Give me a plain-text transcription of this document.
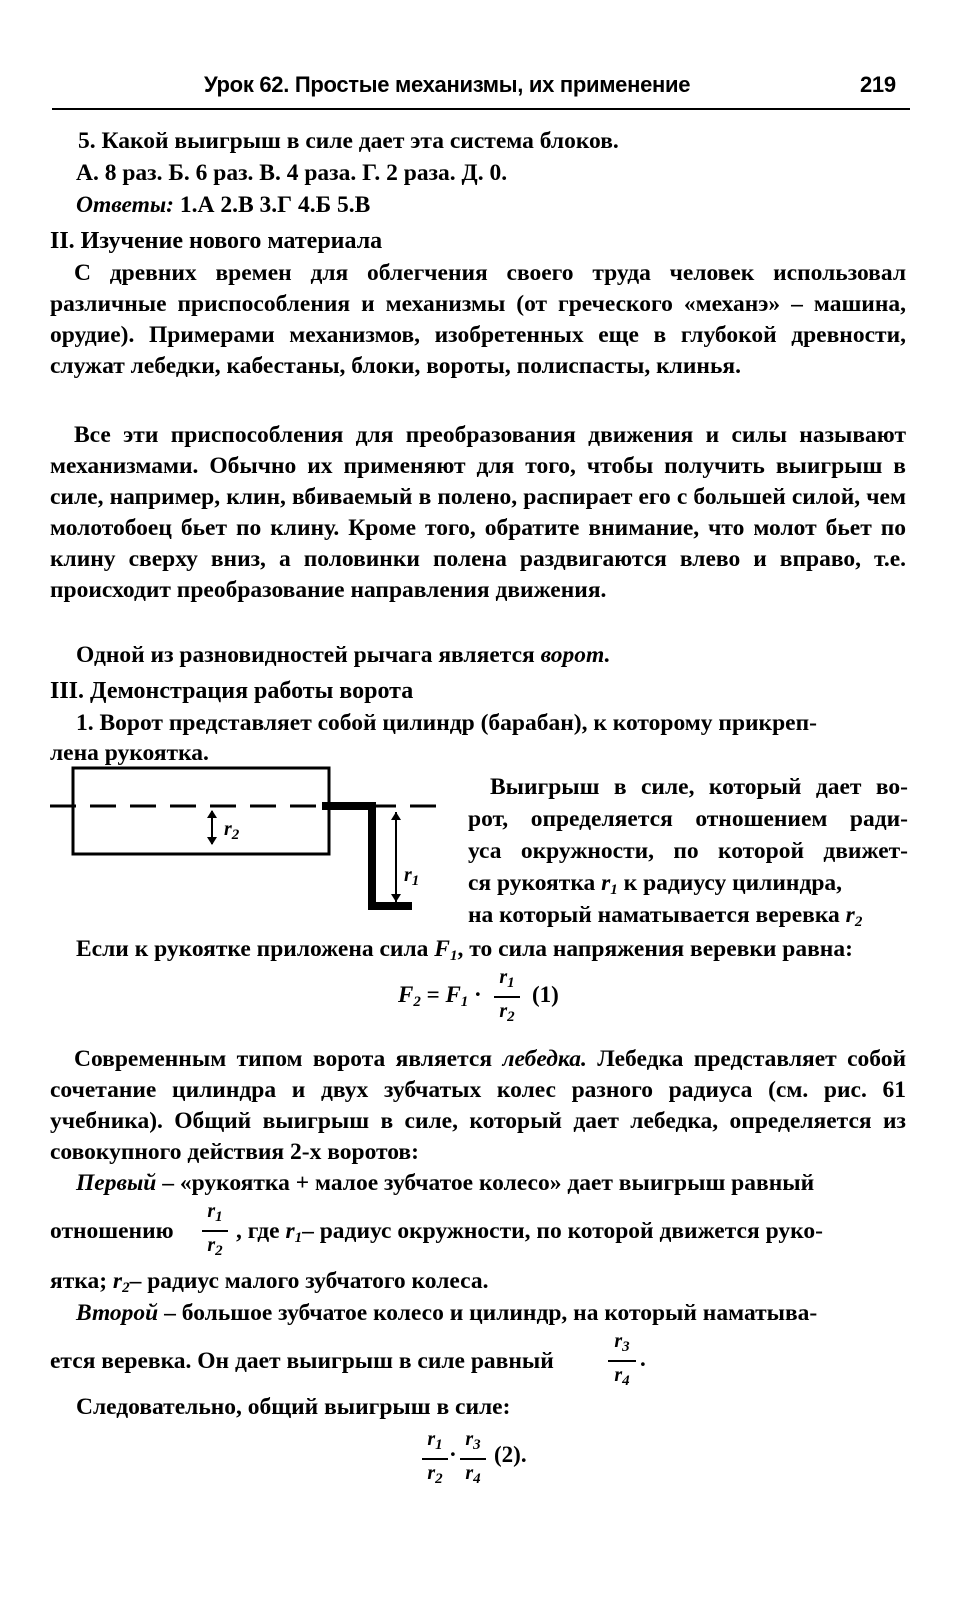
Урок 62. Простые механизмы, их применение	219
5. Какой выигрыш в силе дает эта система блоков.
А. 8 раз. Б. 6 раз. В. 4 раза. Г. 2 раза. Д. 0.
Ответы: 1.А 2.В 3.Г 4.Б 5.В
II. Изучение нового материала
С древних времен для облегчения своего труда человек использовал различные приспособления и механизмы (от греческого «механэ» – машина, орудие). Примерами механизмов, изобретенных еще в глубокой древности, служат лебедки, кабестаны, блоки, вороты, полиспасты, клинья.
Все эти приспособления для преобразования движения и силы называют механизмами. Обычно их применяют для того, чтобы получить выигрыш в силе, например, клин, вбиваемый в полено, распирает его с большей силой, чем молотобоец бьет по клину. Кроме того, обратите внимание, что молот бьет по клину сверху вниз, а половинки полена раздвигаются влево и вправо, т.е. происходит преобразование направления движения.
Одной из разновидностей рычага является ворот.
III. Демонстрация работы ворота
1. Ворот представляет собой цилиндр (барабан), к которому прикреп-
лена рукоятка.
$r_2$
$r_1$
Выигрыш в силе, который дает во-
рот, определяется отношением ради-
уса окружности, по которой движет-
ся рукоятка $r_1$ к радиусу цилиндра,
на который наматывается веревка $r_2$
Если к рукоятке приложена сила $F_1$, то сила напряжения веревки равна:
$F_2 = F_1$ ·
$r_1$
$r_2$
(1)
Современным типом ворота является лебедка. Лебедка представляет собой сочетание цилиндра и двух зубчатых колес разного радиуса (см. рис. 61 учебника). Общий выигрыш в силе, который дает лебедка, определяется из совокупного действия 2-х воротов:
Первый – «рукоятка + малое зубчатое колесо» дает выигрыш равный
отношению
$r_1$
$r_2$
, где $r_1-$ радиус окружности, по которой движется руко-
ятка; $r_2-$ радиус малого зубчатого колеса.
Второй – большое зубчатое колесо и цилиндр, на который наматыва-
ется веревка. Он дает выигрыш в силе равный
$r_3$
$r_4$
.
Следовательно, общий выигрыш в силе:
$r_1$
$r_2$
. $r_3$
$r_4$
(2).
